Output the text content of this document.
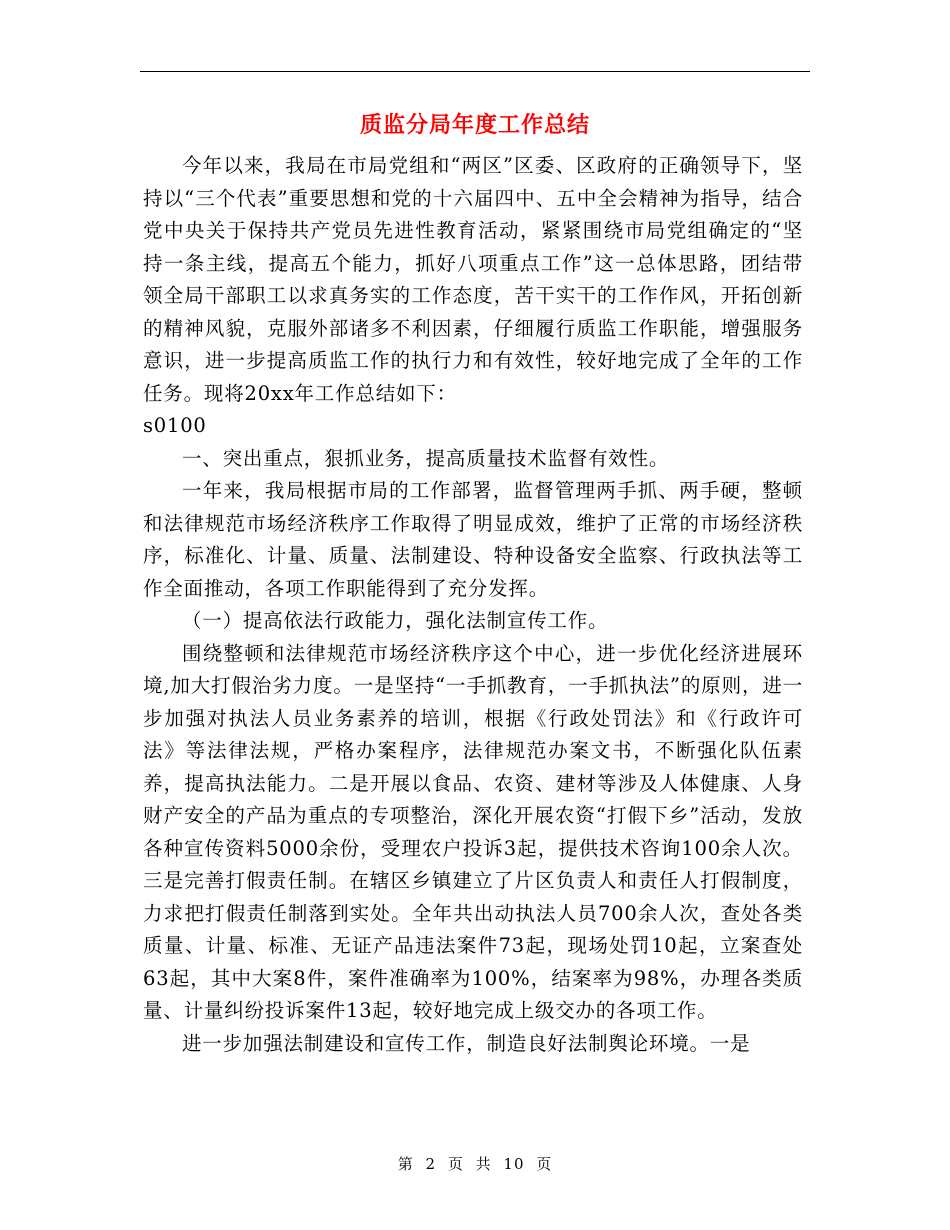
质监分局年度工作总结

今年以来，我局在市局党组和“两区”区委、区政府的正确领导下，坚持以“三个代表”重要思想和党的十六届四中、五中全会精神为指导，结合党中央关于保持共产党员先进性教育活动，紧紧围绕市局党组确定的“坚持一条主线，提高五个能力，抓好八项重点工作”这一总体思路，团结带领全局干部职工以求真务实的工作态度，苦干实干的工作作风，开拓创新的精神风貌，克服外部诸多不利因素，仔细履行质监工作职能，增强服务意识，进一步提高质监工作的执行力和有效性，较好地完成了全年的工作任务。现将20xx年工作总结如下：

s0100

一、突出重点，狠抓业务，提高质量技术监督有效性。

一年来，我局根据市局的工作部署，监督管理两手抓、两手硬，整顿和法律规范市场经济秩序工作取得了明显成效，维护了正常的市场经济秩序，标准化、计量、质量、法制建设、特种设备安全监察、行政执法等工作全面推动，各项工作职能得到了充分发挥。

（一）提高依法行政能力，强化法制宣传工作。

围绕整顿和法律规范市场经济秩序这个中心，进一步优化经济进展环境,加大打假治劣力度。一是坚持“一手抓教育，一手抓执法”的原则，进一步加强对执法人员业务素养的培训，根据《行政处罚法》和《行政许可法》等法律法规，严格办案程序，法律规范办案文书，不断强化队伍素养，提高执法能力。二是开展以食品、农资、建材等涉及人体健康、人身财产安全的产品为重点的专项整治，深化开展农资“打假下乡”活动，发放各种宣传资料5000余份，受理农户投诉3起，提供技术咨询100余人次。三是完善打假责任制。在辖区乡镇建立了片区负责人和责任人打假制度，力求把打假责任制落到实处。全年共出动执法人员700余人次，查处各类质量、计量、标准、无证产品违法案件73起，现场处罚10起，立案查处63起，其中大案8件，案件准确率为100%，结案率为98%，办理各类质量、计量纠纷投诉案件13起，较好地完成上级交办的各项工作。

进一步加强法制建设和宣传工作，制造良好法制舆论环境。一是

第 2 页 共 10 页
